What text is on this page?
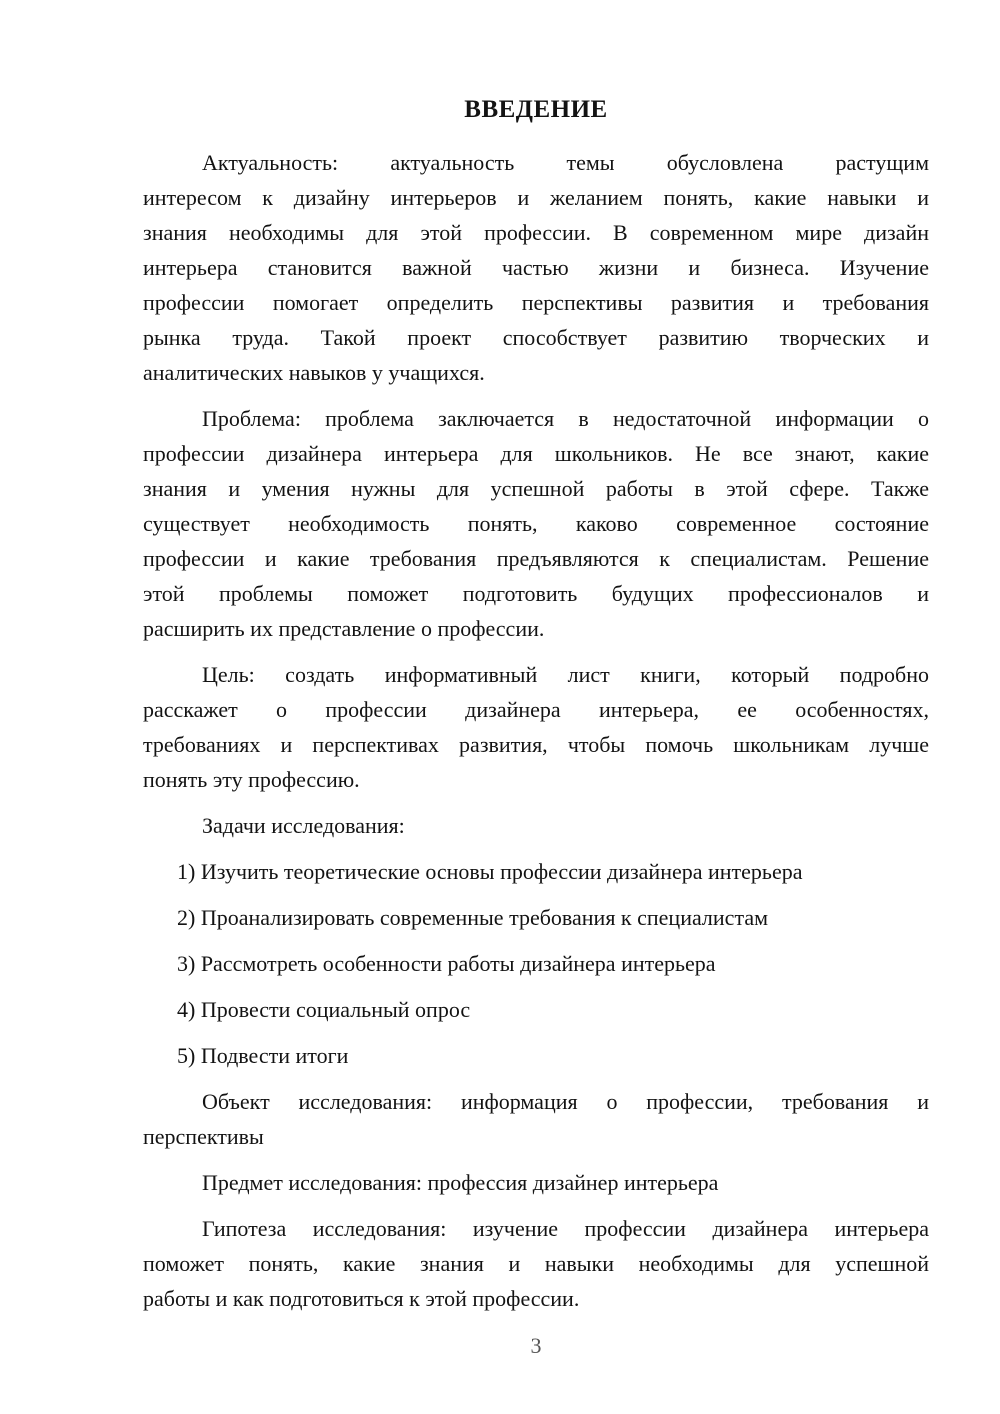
ВВЕДЕНИЕ
Актуальность: актуальность темы обусловлена растущим
интересом к дизайну интерьеров и желанием понять, какие навыки и
знания необходимы для этой профессии. В современном мире дизайн
интерьера становится важной частью жизни и бизнеса. Изучение
профессии помогает определить перспективы развития и требования
рынка труда. Такой проект способствует развитию творческих и
аналитических навыков у учащихся.
Проблема: проблема заключается в недостаточной информации о
профессии дизайнера интерьера для школьников. Не все знают, какие
знания и умения нужны для успешной работы в этой сфере. Также
существует необходимость понять, каково современное состояние
профессии и какие требования предъявляются к специалистам. Решение
этой проблемы поможет подготовить будущих профессионалов и
расширить их представление о профессии.
Цель: создать информативный лист книги, который подробно
расскажет о профессии дизайнера интерьера, ее особенностях,
требованиях и перспективах развития, чтобы помочь школьникам лучше
понять эту профессию.
Задачи исследования:
1) Изучить теоретические основы профессии дизайнера интерьера
2) Проанализировать современные требования к специалистам
3) Рассмотреть особенности работы дизайнера интерьера
4) Провести социальный опрос
5) Подвести итоги
Объект исследования: информация о профессии, требования и
перспективы
Предмет исследования: профессия дизайнер интерьера
Гипотеза исследования: изучение профессии дизайнера интерьера
поможет понять, какие знания и навыки необходимы для успешной
работы и как подготовиться к этой профессии.
3
